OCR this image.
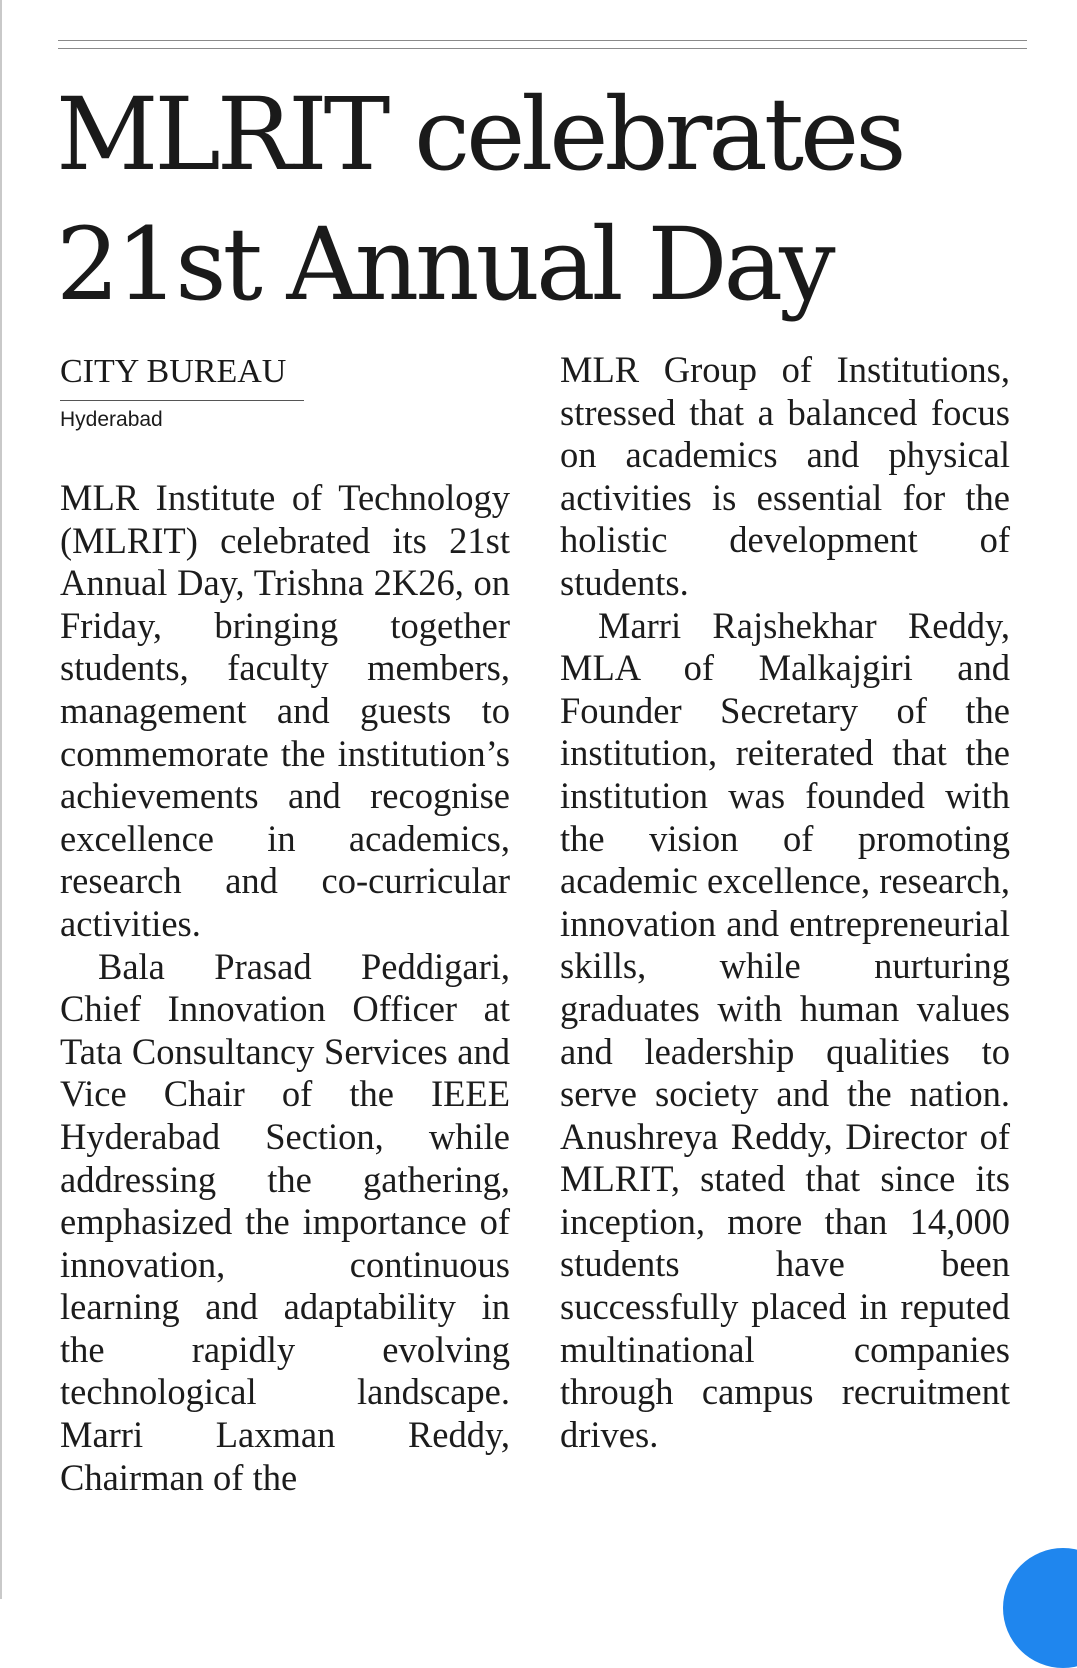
MLRIT celebrates
21st Annual Day
CITY BUREAU
Hyderabad

MLR Institute of Technology (MLRIT) celebrated its 21st Annual Day, Trishna 2K26, on Friday, bringing together students, faculty members, management and guests to commemorate the institution’s achievements and recognise excellence in academics, research and co-curricular activities.

Bala Prasad Peddigari, Chief Innovation Officer at Tata Consultancy Services and Vice Chair of the IEEE Hyderabad Section, while addressing the gathering, emphasized the importance of innovation, continuous learning and adaptability in the rapidly evolving technological landscape. Marri Laxman Reddy, Chairman of the

MLR Group of Institutions, stressed that a balanced focus on academics and physical activities is essential for the holistic development of students.

Marri Rajshekhar Reddy, MLA of Malkajgiri and Founder Secretary of the institution, reiterated that the institution was founded with the vision of promoting academic excellence, research, innovation and entrepreneurial skills, while nurturing graduates with human values and leadership qualities to serve society and the nation. Anushreya Reddy, Director of MLRIT, stated that since its inception, more than 14,000 students have been successfully placed in reputed multinational companies through campus recruitment drives.
